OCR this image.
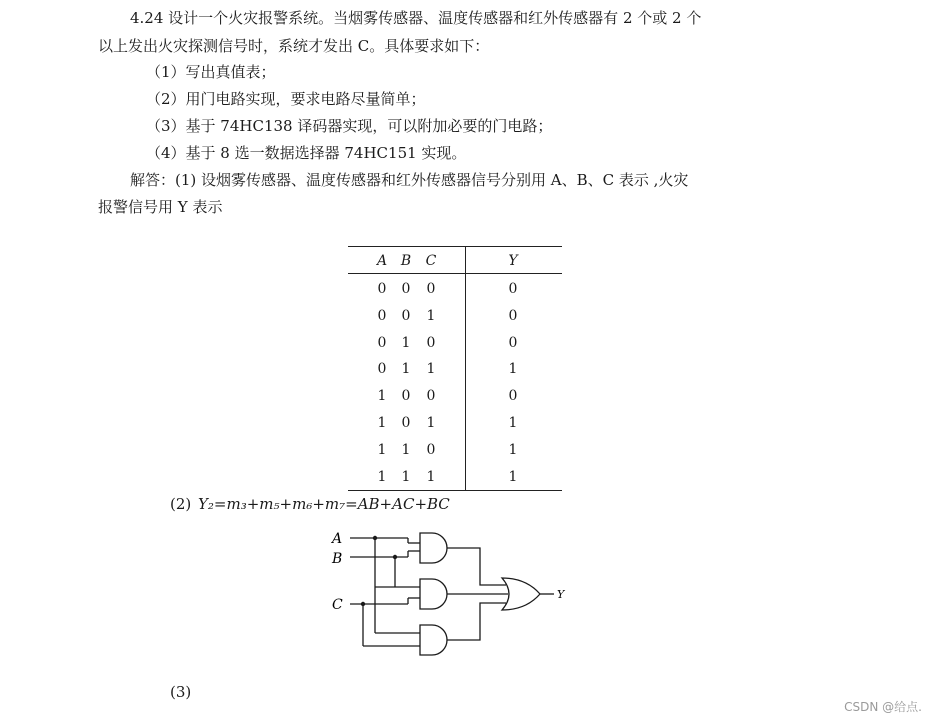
4.24 设计一个火灾报警系统。当烟雾传感器、温度传感器和红外传感器有 2 个或 2 个
以上发出火灾探测信号时，系统才发出 C。具体要求如下：
（1）写出真值表；
（2）用门电路实现，要求电路尽量简单；
（3）基于 74HC138 译码器实现，可以附加必要的门电路；
（4）基于 8 选一数据选择器 74HC151 实现。
解答：(1) 设烟雾传感器、温度传感器和红外传感器信号分别用 A、B、C 表示 ,火灾
报警信号用 Y 表示
A B	C	Y
0	0	0	0
0	0	1	0
0	1	0	0
0	1	1	1
1	0	0	0
1	0	1	1
1	1	0	1
1	1	1	1
(2) Y₂=m₃+m₅+m₆+m₇=AB+AC+BC
A
B
C
Y
(3)
CSDN @给点.
